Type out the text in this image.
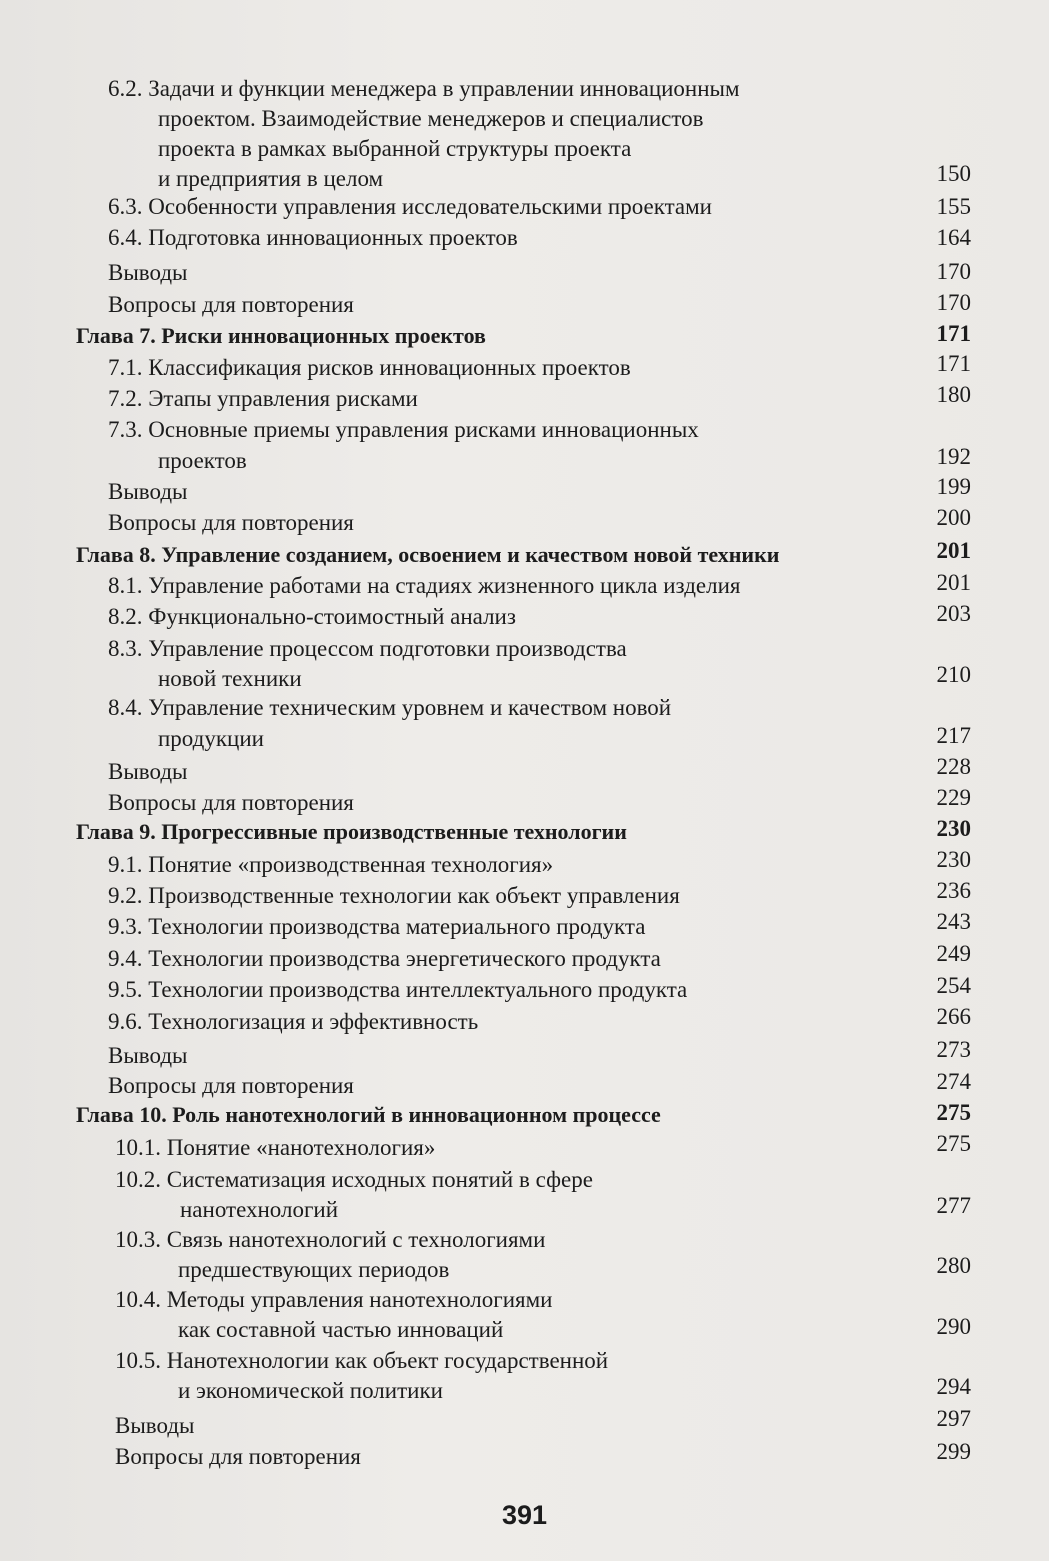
6.2. Задачи и функции менеджера в управлении инновационным
проектом. Взаимодействие менеджеров и специалистов
проекта в рамках выбранной структуры проекта
и предприятия в целом	150
6.3. Особенности управления исследовательскими проектами	155
6.4. Подготовка инновационных проектов	164
Выводы	170
Вопросы для повторения	170
Глава 7. Риски инновационных проектов	171
7.1. Классификация рисков инновационных проектов	171
7.2. Этапы управления рисками	180
7.3. Основные приемы управления рисками инновационных
проектов	192
Выводы	199
Вопросы для повторения	200
Глава 8. Управление созданием, освоением и качеством новой техники	201
8.1. Управление работами на стадиях жизненного цикла изделия	201
8.2. Функционально-стоимостный анализ	203
8.3. Управление процессом подготовки производства
новой техники	210
8.4. Управление техническим уровнем и качеством новой
продукции	217
Выводы	228
Вопросы для повторения	229
Глава 9. Прогрессивные производственные технологии	230
9.1. Понятие «производственная технология»	230
9.2. Производственные технологии как объект управления	236
9.3. Технологии производства материального продукта	243
9.4. Технологии производства энергетического продукта	249
9.5. Технологии производства интеллектуального продукта	254
9.6. Технологизация и эффективность	266
Выводы	273
Вопросы для повторения	274
Глава 10. Роль нанотехнологий в инновационном процессе	275
10.1. Понятие «нанотехнология»	275
10.2. Систематизация исходных понятий в сфере
нанотехнологий	277
10.3. Связь нанотехнологий с технологиями
предшествующих периодов	280
10.4. Методы управления нанотехнологиями
как составной частью инноваций	290
10.5. Нанотехнологии как объект государственной
и экономической политики	294
Выводы	297
Вопросы для повторения	299
391
